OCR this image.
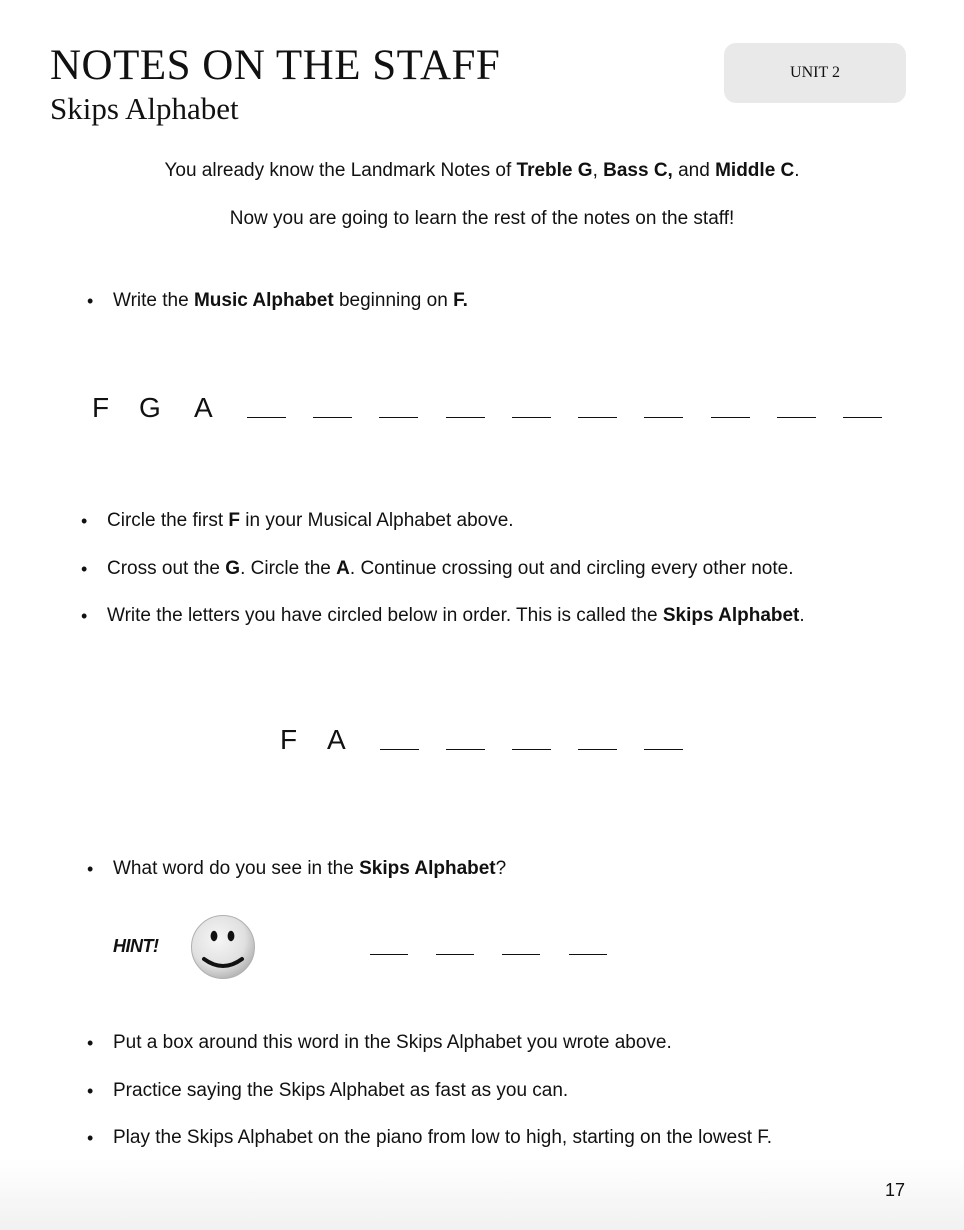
NOTES ON THE STAFF
Skips Alphabet
UNIT 2
You already know the Landmark Notes of Treble G, Bass C, and Middle C.
Now you are going to learn the rest of the notes on the staff!
• Write the Music Alphabet beginning on F.
F G A
• Circle the first F in your Musical Alphabet above.
• Cross out the G. Circle the A. Continue crossing out and circling every other note.
• Write the letters you have circled below in order. This is called the Skips Alphabet.
F A
• What word do you see in the Skips Alphabet?
HINT!
• Put a box around this word in the Skips Alphabet you wrote above.
• Practice saying the Skips Alphabet as fast as you can.
• Play the Skips Alphabet on the piano from low to high, starting on the lowest F.
17
